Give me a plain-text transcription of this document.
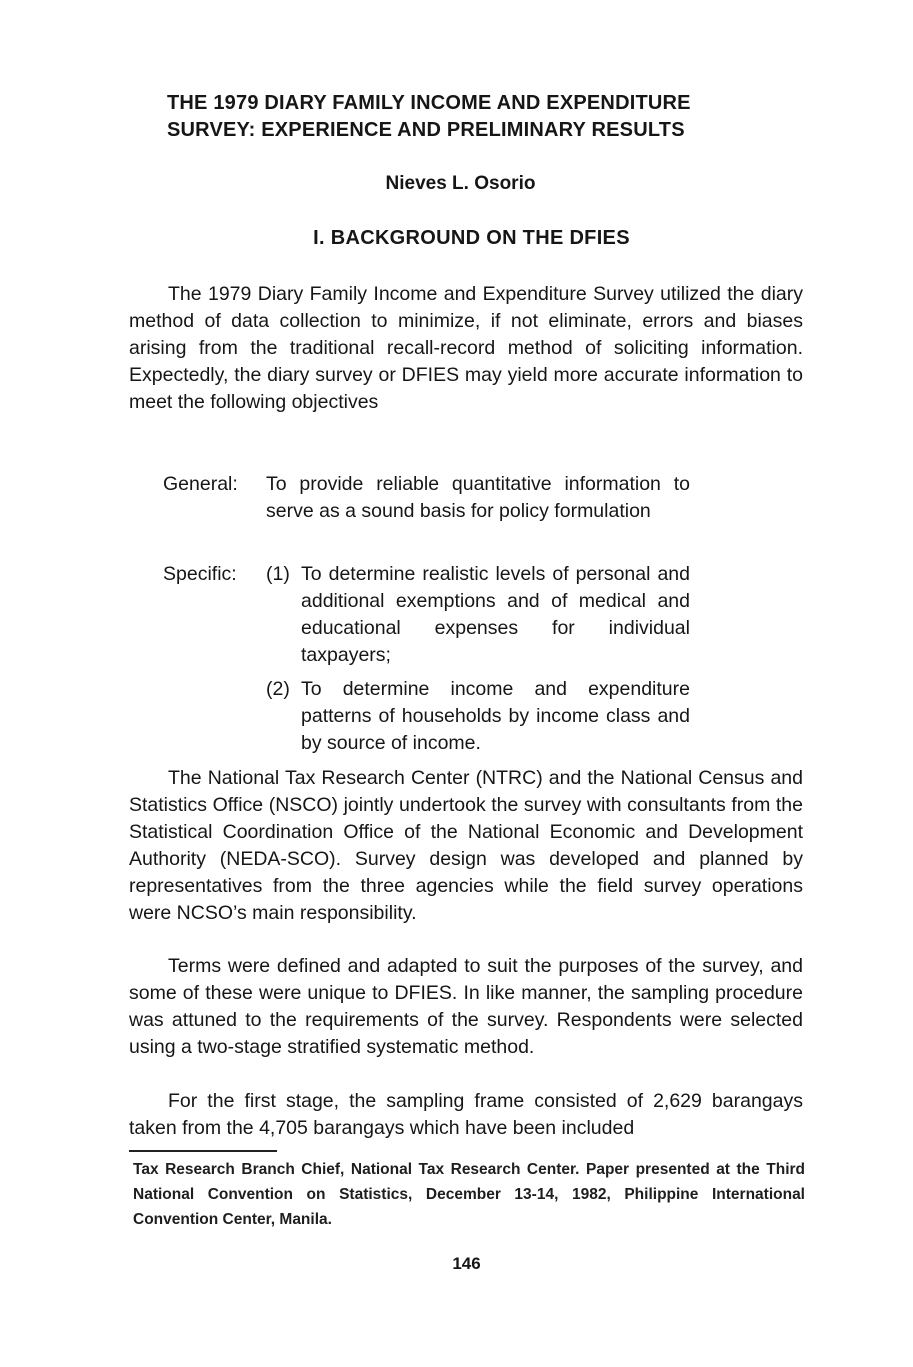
THE 1979 DIARY FAMILY INCOME AND EXPENDITURE
SURVEY: EXPERIENCE AND PRELIMINARY RESULTS
Nieves L. Osorio
I. BACKGROUND ON THE DFIES

The 1979 Diary Family Income and Expenditure Survey utilized the diary method of data collection to minimize, if not eliminate, errors and biases arising from the traditional recall-record method of soliciting information. Expectedly, the diary survey or DFIES may yield more accurate information to meet the following objectives

General: To provide reliable quantitative information to serve as a sound basis for policy formulation
Specific: (1) To determine realistic levels of personal and additional exemptions and of medical and educational expenses for individual taxpayers;
(2) To determine income and expenditure patterns of households by income class and by source of income.

The National Tax Research Center (NTRC) and the National Census and Statistics Office (NSCO) jointly undertook the survey with consultants from the Statistical Coordination Office of the National Economic and Development Authority (NEDA-SCO). Survey design was developed and planned by representatives from the three agencies while the field survey operations were NCSO’s main responsibility.

Terms were defined and adapted to suit the purposes of the survey, and some of these were unique to DFIES. In like manner, the sampling procedure was attuned to the requirements of the survey. Respondents were selected using a two-stage stratified systematic method.

For the first stage, the sampling frame consisted of 2,629 barangays taken from the 4,705 barangays which have been included

Tax Research Branch Chief, National Tax Research Center. Paper presented at the Third National Convention on Statistics, December 13-14, 1982, Philippine International Convention Center, Manila.
146
